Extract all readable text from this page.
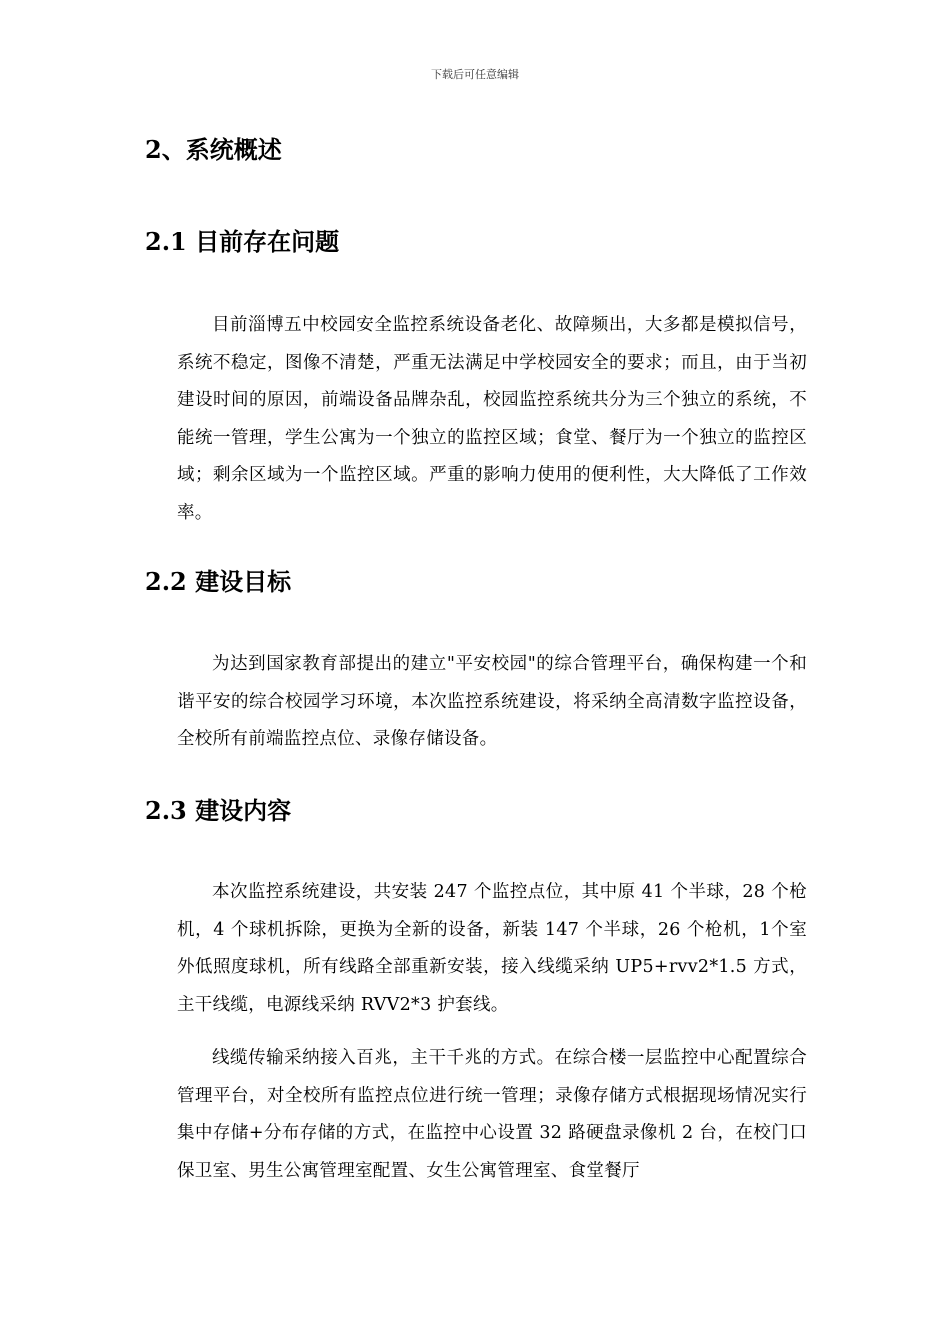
下载后可任意编辑
2、系统概述
2.1 目前存在问题

目前淄博五中校园安全监控系统设备老化、故障频出，大多都是模拟信号，系统不稳定，图像不清楚，严重无法满足中学校园安全的要求；而且，由于当初建设时间的原因，前端设备品牌杂乱，校园监控系统共分为三个独立的系统，不能统一管理，学生公寓为一个独立的监控区域；食堂、餐厅为一个独立的监控区域；剩余区域为一个监控区域。严重的影响力使用的便利性，大大降低了工作效率。

2.2 建设目标

为达到国家教育部提出的建立"平安校园"的综合管理平台，确保构建一个和谐平安的综合校园学习环境，本次监控系统建设，将采纳全高清数字监控设备，全校所有前端监控点位、录像存储设备。

2.3 建设内容

本次监控系统建设，共安装 247 个监控点位，其中原 41 个半球，28 个枪机，4 个球机拆除，更换为全新的设备，新装 147 个半球，26 个枪机，1个室外低照度球机，所有线路全部重新安装，接入线缆采纳 UP5+rvv2*1.5 方式，主干线缆，电源线采纳 RVV2*3 护套线。

线缆传输采纳接入百兆，主干千兆的方式。在综合楼一层监控中心配置综合管理平台，对全校所有监控点位进行统一管理；录像存储方式根据现场情况实行集中存储+分布存储的方式，在监控中心设置 32 路硬盘录像机 2 台，在校门口保卫室、男生公寓管理室配置、女生公寓管理室、食堂餐厅
